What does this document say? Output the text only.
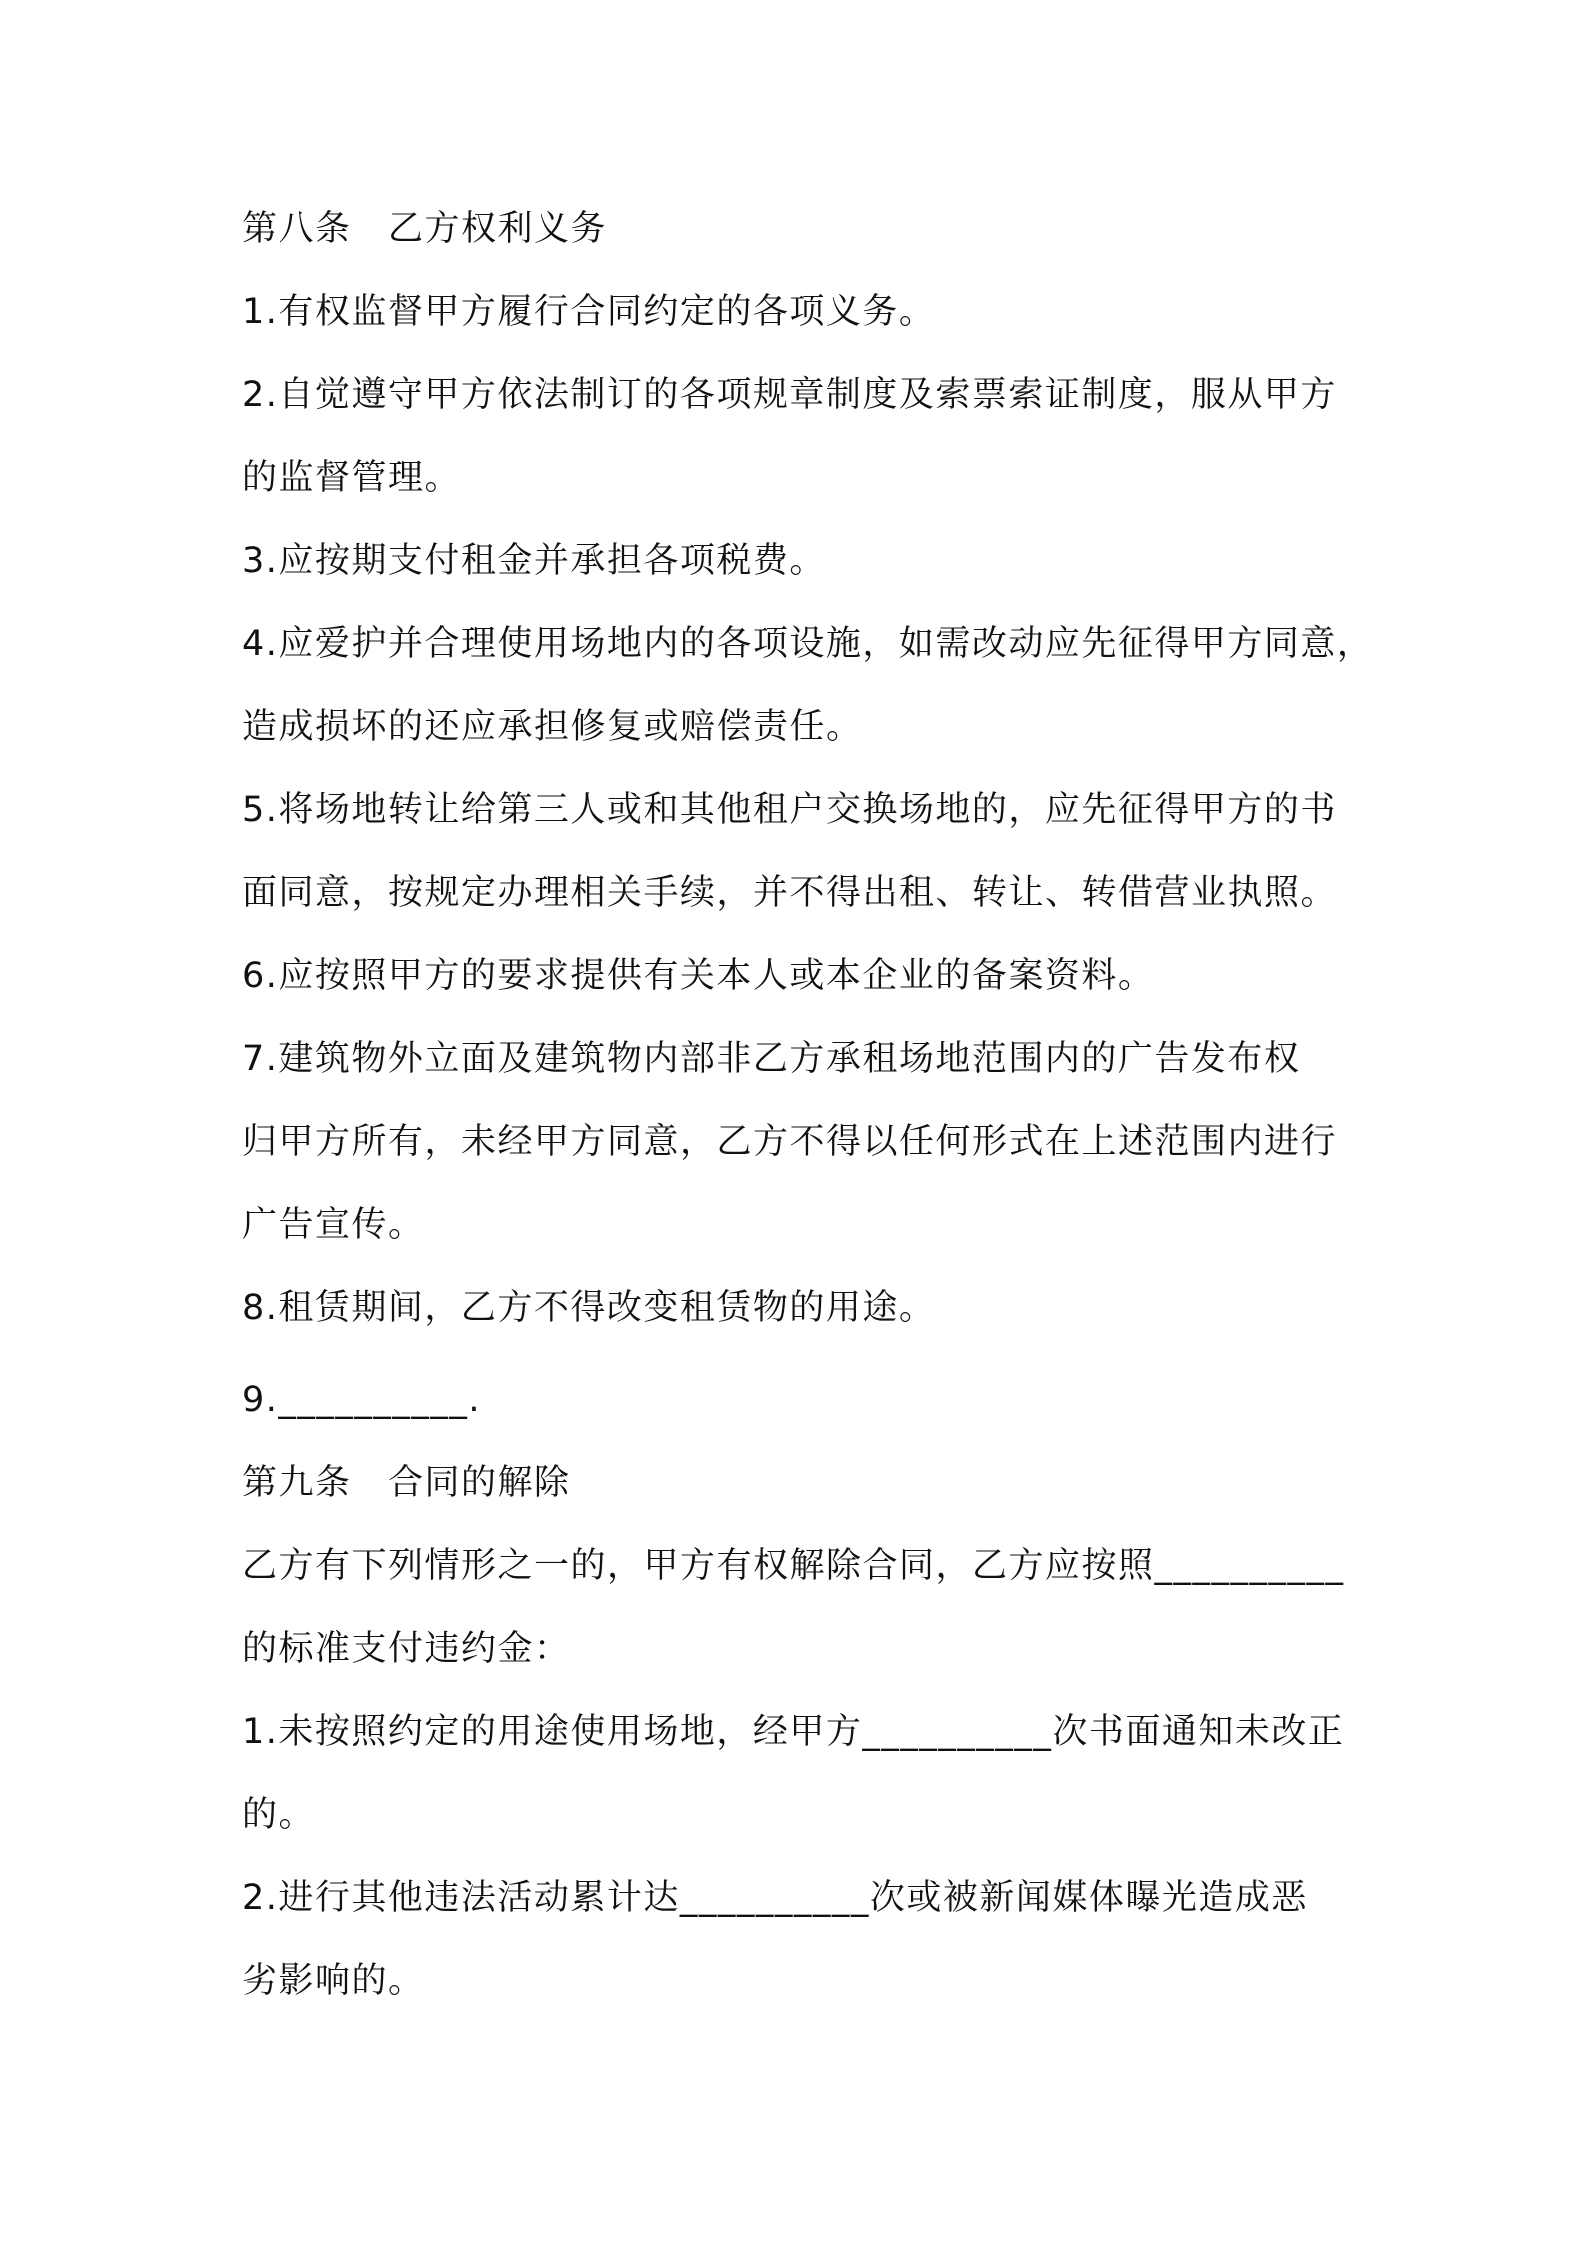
第八条　乙方权利义务
1.有权监督甲方履行合同约定的各项义务。
2.自觉遵守甲方依法制订的各项规章制度及索票索证制度，服从甲方
的监督管理。
3.应按期支付租金并承担各项税费。
4.应爱护并合理使用场地内的各项设施，如需改动应先征得甲方同意，
造成损坏的还应承担修复或赔偿责任。
5.将场地转让给第三人或和其他租户交换场地的，应先征得甲方的书
面同意，按规定办理相关手续，并不得出租、转让、转借营业执照。
6.应按照甲方的要求提供有关本人或本企业的备案资料。
7.建筑物外立面及建筑物内部非乙方承租场地范围内的广告发布权
归甲方所有，未经甲方同意，乙方不得以任何形式在上述范围内进行
广告宣传。
8.租赁期间，乙方不得改变租赁物的用途。
9.__________.
第九条　合同的解除
乙方有下列情形之一的，甲方有权解除合同，乙方应按照__________
的标准支付违约金：
1.未按照约定的用途使用场地，经甲方__________次书面通知未改正
的。
2.进行其他违法活动累计达__________次或被新闻媒体曝光造成恶
劣影响的。
